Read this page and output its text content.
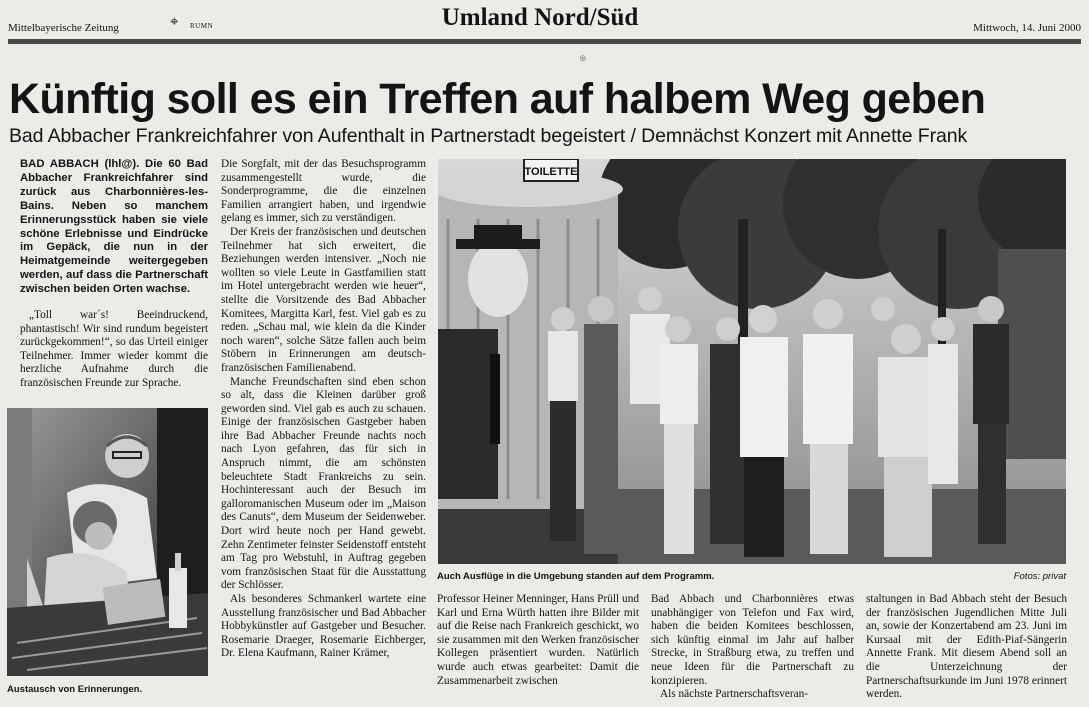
Mittelbayerische Zeitung	⌖ RUMN	Umland Nord/Süd	Mittwoch, 14. Juni 2000
⊕
Künftig soll es ein Treffen auf halbem Weg geben
Bad Abbacher Frankreichfahrer von Aufenthalt in Partnerstadt begeistert / Demnächst Konzert mit Annette Frank

BAD ABBACH (lhl@). Die 60 Bad Abbacher Frankreichfahrer sind zurück aus Charbonnières-les-Bains. Neben so manchem Erinnerungsstück haben sie viele schöne Erlebnisse und Eindrücke im Gepäck, die nun in der Heimatgemeinde weitergegeben werden, auf dass die Partnerschaft zwischen beiden Orten wachse.

„Toll war´s! Beeindruckend, phantastisch! Wir sind rundum begeistert zurückgekommen!“, so das Urteil einiger Teilnehmer. Immer wieder kommt die herzliche Aufnahme durch die französischen Freunde zur Sprache.

Austausch von Erinnerungen.

Die Sorgfalt, mit der das Besuchsprogramm zusammengestellt wurde, die Sonderprogramme, die die einzelnen Familien arrangiert haben, und irgendwie gelang es immer, sich zu verständigen.

Der Kreis der französischen und deutschen Teilnehmer hat sich erweitert, die Beziehungen werden intensiver. „Noch nie wollten so viele Leute in Gastfamilien statt im Hotel untergebracht werden wie heuer“, stellte die Vorsitzende des Bad Abbacher Komitees, Margitta Karl, fest. Viel gab es zu reden. „Schau mal, wie klein da die Kinder noch waren“, solche Sätze fallen auch beim Stöbern in Erinnerungen am deutsch-französischen Familienabend.

Manche Freundschaften sind eben schon so alt, dass die Kleinen darüber groß geworden sind. Viel gab es auch zu schauen. Einige der französischen Gastgeber haben ihre Bad Abbacher Freunde nachts noch nach Lyon gefahren, das für sich in Anspruch nimmt, die am schönsten beleuchtete Stadt Frankreichs zu sein. Hochinteressant auch der Besuch im galloromanischen Museum oder im „Maison des Canuts“, dem Museum der Seidenweber. Dort wird heute noch per Hand gewebt. Zehn Zentimeter feinster Seidenstoff entsteht am Tag pro Webstuhl, in Auftrag gegeben vom französischen Staat für die Ausstattung der Schlösser.

Als besonderes Schmankerl wartete eine Ausstellung französischer und Bad Abbacher Hobbykünstler auf Gastgeber und Besucher. Rosemarie Draeger, Rosemarie Eichberger, Dr. Elena Kaufmann, Rainer Krämer,

TOILETTE
Auch Ausflüge in die Umgebung standen auf dem Programm.	Fotos: privat

Professor Heiner Menninger, Hans Prüll und Karl und Erna Würth hatten ihre Bilder mit auf die Reise nach Frankreich geschickt, wo sie zusammen mit den Werken französischer Kollegen präsentiert wurden. Natürlich wurde auch etwas gearbeitet: Damit die Zusammenarbeit zwischen

Bad Abbach und Charbonnières etwas unabhängiger von Telefon und Fax wird, haben die beiden Komitees beschlossen, sich künftig einmal im Jahr auf halber Strecke, in Straßburg etwa, zu treffen und neue Ideen für die Partnerschaft zu konzipieren.

Als nächste Partnerschaftsveran-

staltungen in Bad Abbach steht der Besuch der französischen Jugendlichen Mitte Juli an, sowie der Konzertabend am 23. Juni im Kursaal mit der Edith-Piaf-Sängerin Annette Frank. Mit diesem Abend soll an die Unterzeichnung der Partnerschaftsurkunde im Juni 1978 erinnert werden.
